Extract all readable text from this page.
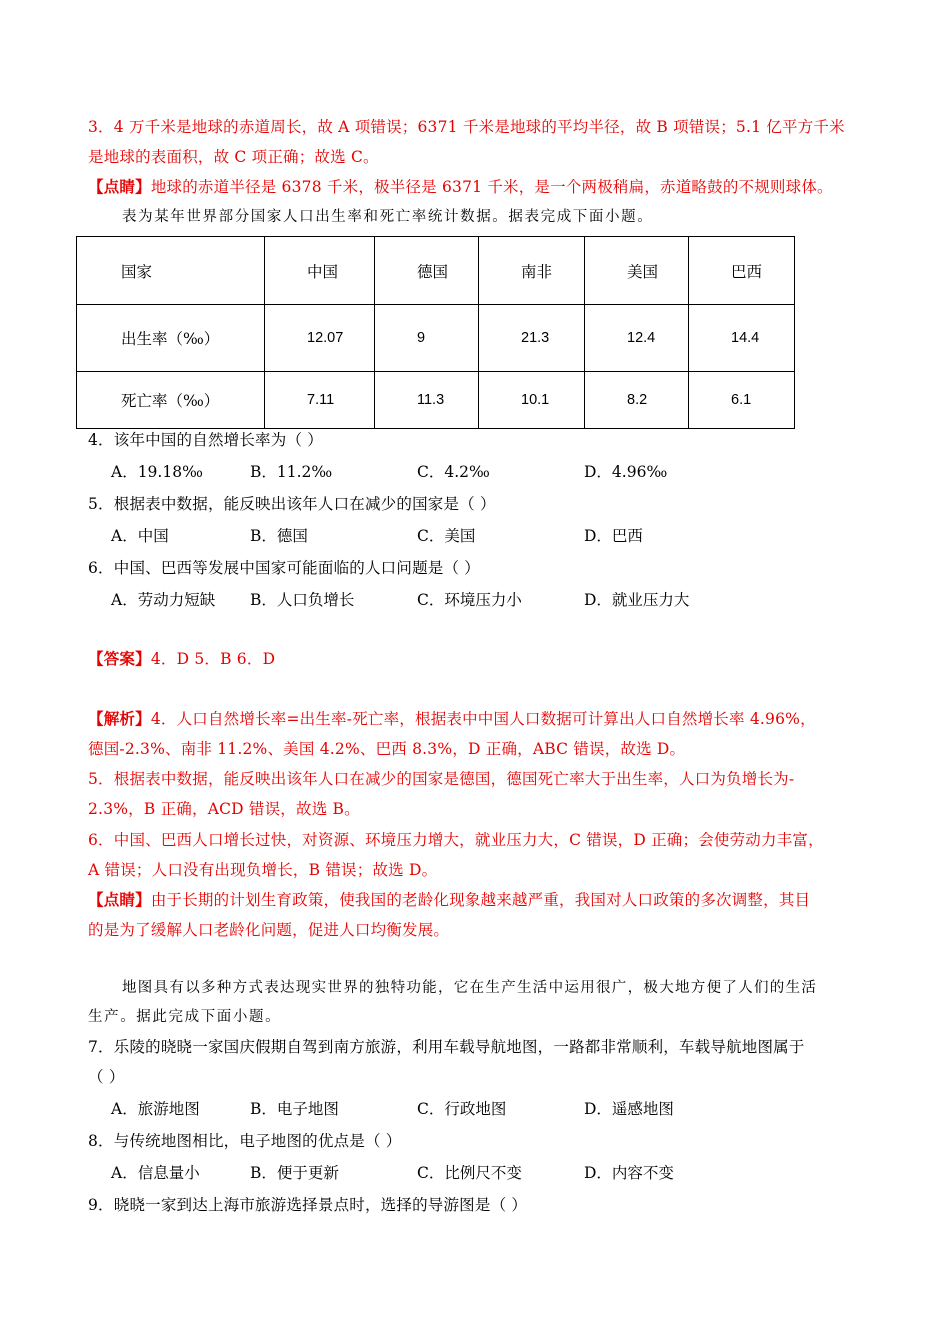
3．4 万千米是地球的赤道周长，故 A 项错误；6371 千米是地球的平均半径，故 B 项错误；5.1 亿平方千米
是地球的表面积，故 C 项正确；故选 C。
【点睛】地球的赤道半径是 6378 千米，极半径是 6371 千米，是一个两极稍扁，赤道略鼓的不规则球体。
表为某年世界部分国家人口出生率和死亡率统计数据。据表完成下面小题。
国家	中国	德国	南非	美国	巴西
出生率（‰）	12.07	9	21.3	12.4	14.4
死亡率（‰）	7.11	11.3	10.1	8.2	6.1
4．该年中国的自然增长率为（ ）
A．19.18‰	B．11.2‰	C．4.2‰	D．4.96‰
5．根据表中数据，能反映出该年人口在减少的国家是（ ）
A．中国	B．德国	C．美国	D．巴西
6．中国、巴西等发展中国家可能面临的人口问题是（ ）
A．劳动力短缺 B．人口负增长	C．环境压力小	D．就业压力大
【答案】4．D 5．B 6．D
【解析】4．人口自然增长率=出生率-死亡率，根据表中中国人口数据可计算出人口自然增长率 4.96%，
德国-2.3%、南非 11.2%、美国 4.2%、巴西 8.3%，D 正确，ABC 错误，故选 D。
5．根据表中数据，能反映出该年人口在减少的国家是德国，德国死亡率大于出生率，人口为负增长为-
2.3%，B 正确，ACD 错误，故选 B。
6．中国、巴西人口增长过快，对资源、环境压力增大，就业压力大，C 错误，D 正确；会使劳动力丰富，
A 错误；人口没有出现负增长，B 错误；故选 D。
【点睛】由于长期的计划生育政策，使我国的老龄化现象越来越严重，我国对人口政策的多次调整，其目
的是为了缓解人口老龄化问题，促进人口均衡发展。
地图具有以多种方式表达现实世界的独特功能，它在生产生活中运用很广，极大地方便了人们的生活
生产。据此完成下面小题。
7．乐陵的晓晓一家国庆假期自驾到南方旅游，利用车载导航地图，一路都非常顺利，车载导航地图属于
（ ）
A．旅游地图	B．电子地图	C．行政地图	D．遥感地图
8．与传统地图相比，电子地图的优点是（ ）
A．信息量小	B．便于更新	C．比例尺不变	D．内容不变
9．晓晓一家到达上海市旅游选择景点时，选择的导游图是（ ）
